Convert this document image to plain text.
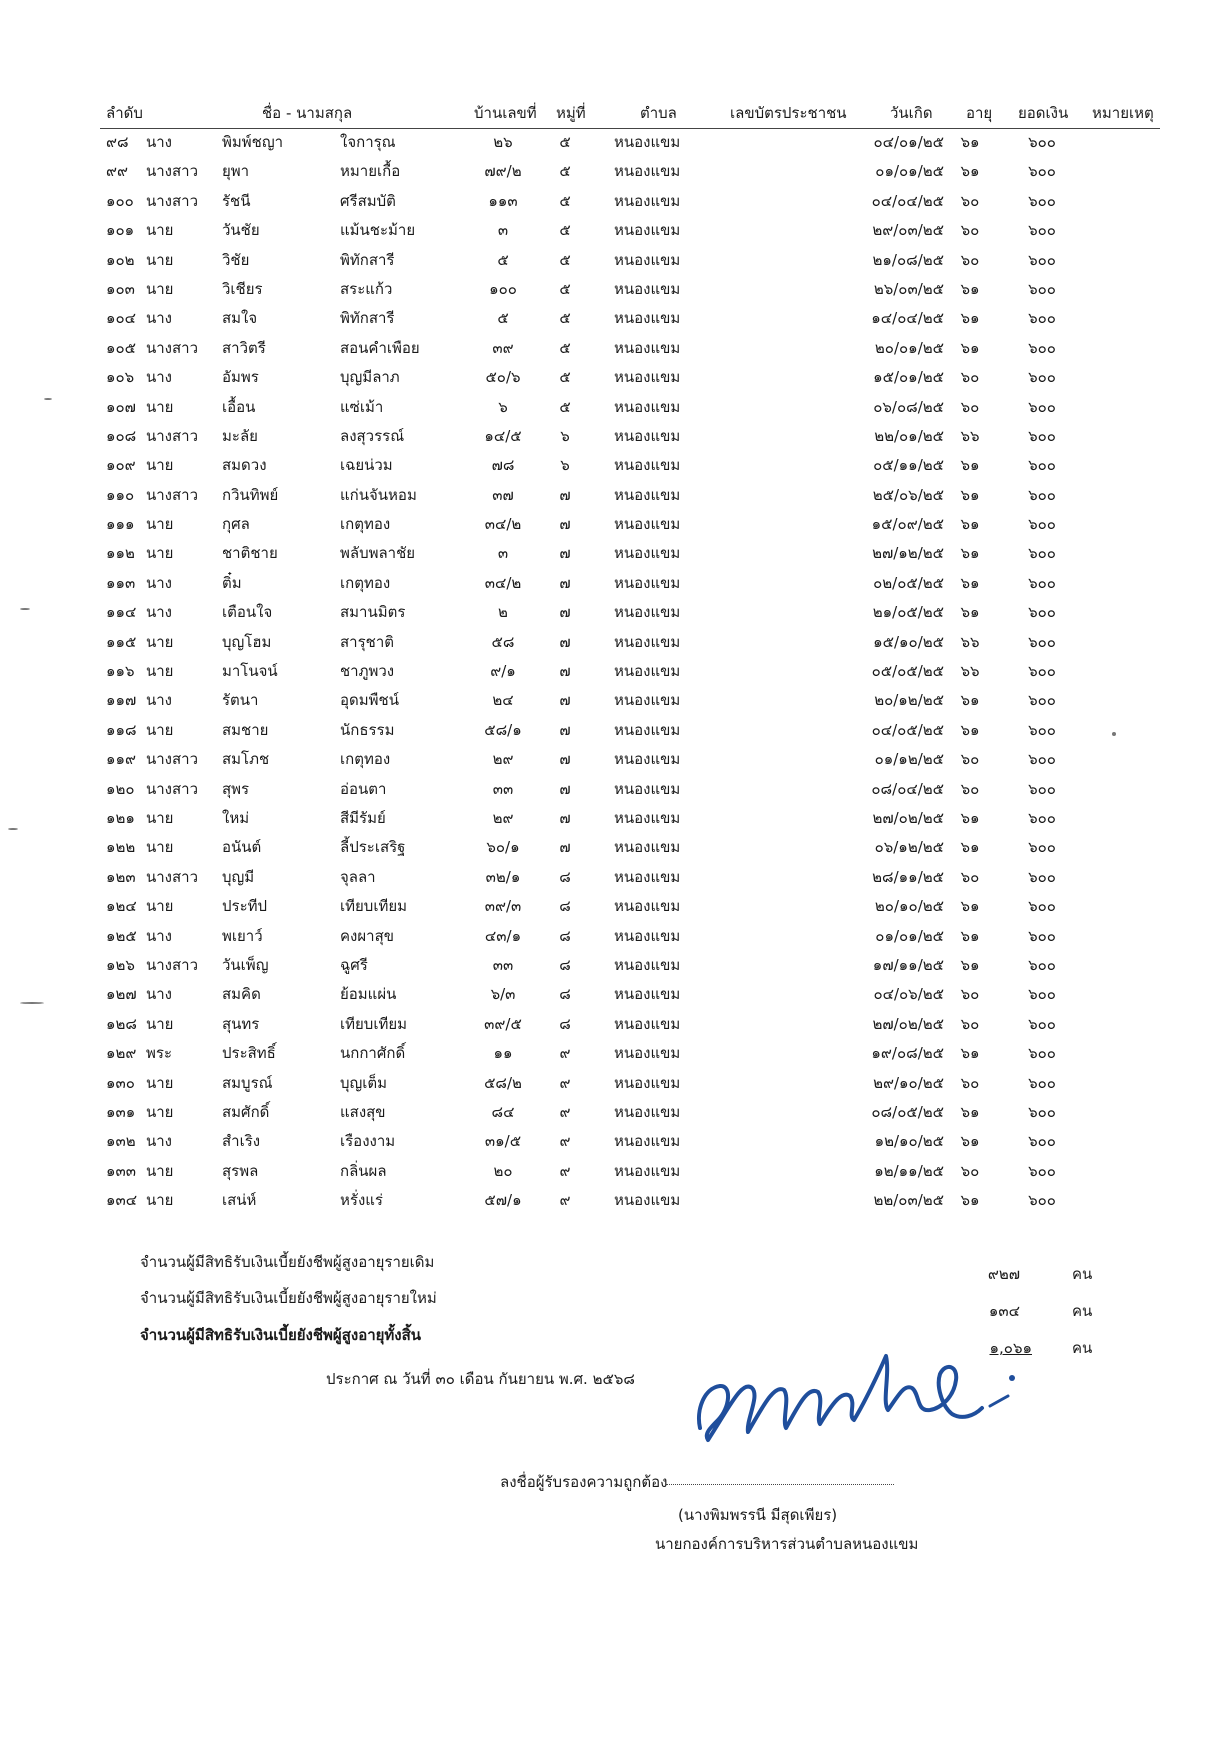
ลำดับ	ชื่อ - นามสกุล	บ้านเลขที่ หมู่ที่	ตำบล	เลขบัตรประชาชน	วันเกิด อายุ ยอดเงิน หมายเหตุ
๙๘ นาง	พิมพ์ชญา	ใจการุณ	๒๖	๕	หนองแขม	๐๔/๐๑/๒๕	๖๑	๖๐๐
๙๙ นางสาว ยุพา	หมายเกื้อ	๗๙/๒	๕	หนองแขม	๐๑/๐๑/๒๕	๖๑	๖๐๐
๑๐๐ นางสาว รัชนี	ศรีสมบัติ	๑๑๓	๕	หนองแขม	๐๔/๐๔/๒๕	๖๐	๖๐๐
๑๐๑ นาย	วันชัย	แม้นชะม้าย	๓	๕	หนองแขม	๒๙/๐๓/๒๕	๖๐	๖๐๐
๑๐๒ นาย	วิชัย	พิทักสารี	๕	๕	หนองแขม	๒๑/๐๘/๒๕	๖๐	๖๐๐
๑๐๓ นาย	วิเชียร	สระแก้ว	๑๐๐	๕	หนองแขม	๒๖/๐๓/๒๕	๖๑	๖๐๐
๑๐๔ นาง	สมใจ	พิทักสารี	๕	๕	หนองแขม	๑๔/๐๔/๒๕	๖๑	๖๐๐
๑๐๕ นางสาว สาวิตรี	สอนคำเพือย	๓๙	๕	หนองแขม	๒๐/๐๑/๒๕	๖๑	๖๐๐
๑๐๖ นาง	อัมพร	บุญมีลาภ	๕๐/๖	๕	หนองแขม	๑๕/๐๑/๒๕	๖๐	๖๐๐
๑๐๗ นาย	เอื้อน	แซ่เม้า	๖	๕	หนองแขม	๐๖/๐๘/๒๕	๖๐	๖๐๐
๑๐๘ นางสาว มะลัย	ลงสุวรรณ์	๑๔/๕	๖	หนองแขม	๒๒/๐๑/๒๕	๖๖	๖๐๐
๑๐๙ นาย	สมดวง	เฉยน่วม	๗๘	๖	หนองแขม	๐๕/๑๑/๒๕	๖๑	๖๐๐
๑๑๐ นางสาว กวินทิพย์	แก่นจันหอม	๓๗	๗	หนองแขม	๒๕/๐๖/๒๕	๖๑	๖๐๐
๑๑๑ นาย	กุศล	เกตุทอง	๓๔/๒	๗	หนองแขม	๑๕/๐๙/๒๕	๖๑	๖๐๐
๑๑๒ นาย	ชาติชาย	พลับพลาชัย	๓	๗	หนองแขม	๒๗/๑๒/๒๕	๖๑	๖๐๐
๑๑๓ นาง	ติ๋ม	เกตุทอง	๓๔/๒	๗	หนองแขม	๐๒/๐๕/๒๕	๖๑	๖๐๐
๑๑๔ นาง	เตือนใจ	สมานมิตร	๒	๗	หนองแขม	๒๑/๐๕/๒๕	๖๑	๖๐๐
๑๑๕ นาย	บุญโฮม	สารุชาติ	๕๘	๗	หนองแขม	๑๕/๑๐/๒๕	๖๖	๖๐๐
๑๑๖ นาย	มาโนจน์	ชาภูพวง	๙/๑	๗	หนองแขม	๐๕/๐๕/๒๕	๖๖	๖๐๐
๑๑๗ นาง	รัตนา	อุดมพืชน์	๒๔	๗	หนองแขม	๒๐/๑๒/๒๕	๖๑	๖๐๐
๑๑๘ นาย	สมชาย	นักธรรม	๕๘/๑	๗	หนองแขม	๐๔/๐๕/๒๕	๖๑	๖๐๐
๑๑๙ นางสาว สมโภช	เกตุทอง	๒๙	๗	หนองแขม	๐๑/๑๒/๒๕	๖๐	๖๐๐
๑๒๐ นางสาว สุพร	อ่อนตา	๓๓	๗	หนองแขม	๐๘/๐๔/๒๕	๖๐	๖๐๐
๑๒๑ นาย	ใหม่	สีมีรัมย์	๒๙	๗	หนองแขม	๒๗/๐๒/๒๕	๖๑	๖๐๐
๑๒๒ นาย	อนันต์	ลี้ประเสริฐ	๖๐/๑	๗	หนองแขม	๐๖/๑๒/๒๕	๖๑	๖๐๐
๑๒๓ นางสาว บุญมี	จุลลา	๓๒/๑	๘	หนองแขม	๒๘/๑๑/๒๕	๖๐	๖๐๐
๑๒๔ นาย	ประทีป	เทียบเทียม	๓๙/๓	๘	หนองแขม	๒๐/๑๐/๒๕	๖๑	๖๐๐
๑๒๕ นาง	พเยาว์	คงผาสุข	๔๓/๑	๘	หนองแขม	๐๑/๐๑/๒๕	๖๑	๖๐๐
๑๒๖ นางสาว วันเพ็ญ	ฉูศรี	๓๓	๘	หนองแขม	๑๗/๑๑/๒๕	๖๑	๖๐๐
๑๒๗ นาง	สมคิด	ย้อมแผ่น	๖/๓	๘	หนองแขม	๐๔/๐๖/๒๕	๖๐	๖๐๐
๑๒๘ นาย	สุนทร	เทียบเทียม	๓๙/๕	๘	หนองแขม	๒๗/๐๒/๒๕	๖๐	๖๐๐
๑๒๙ พระ	ประสิทธิ์	นกกาศักดิ์	๑๑	๙	หนองแขม	๑๙/๐๘/๒๕	๖๑	๖๐๐
๑๓๐ นาย	สมบูรณ์	บุญเต็ม	๕๘/๒	๙	หนองแขม	๒๙/๑๐/๒๕	๖๐	๖๐๐
๑๓๑ นาย	สมศักดิ์	แสงสุข	๘๔	๙	หนองแขม	๐๘/๐๕/๒๕	๖๑	๖๐๐
๑๓๒ นาง	สำเริง	เรืองงาม	๓๑/๕	๙	หนองแขม	๑๒/๑๐/๒๕	๖๑	๖๐๐
๑๓๓ นาย	สุรพล	กลิ่นผล	๒๐	๙	หนองแขม	๑๒/๑๑/๒๕	๖๐	๖๐๐
๑๓๔ นาย	เสน่ห์	หรั่งแร่	๕๗/๑	๙	หนองแขม	๒๒/๐๓/๒๕	๖๑	๖๐๐
จำนวนผู้มีสิทธิรับเงินเบี้ยยังชีพผู้สูงอายุรายเดิม
๙๒๗	คน
จำนวนผู้มีสิทธิรับเงินเบี้ยยังชีพผู้สูงอายุรายใหม่
๑๓๔	คน
จำนวนผู้มีสิทธิรับเงินเบี้ยยังชีพผู้สูงอายุทั้งสิ้น
๑,๐๖๑	คน
ประกาศ ณ วันที่ ๓๐ เดือน กันยายน พ.ศ. ๒๕๖๘
ลงชื่อผู้รับรองความถูกต้อง
(นางพิมพรรนี มีสุดเพียร)
นายกองค์การบริหารส่วนตำบลหนองแขม
